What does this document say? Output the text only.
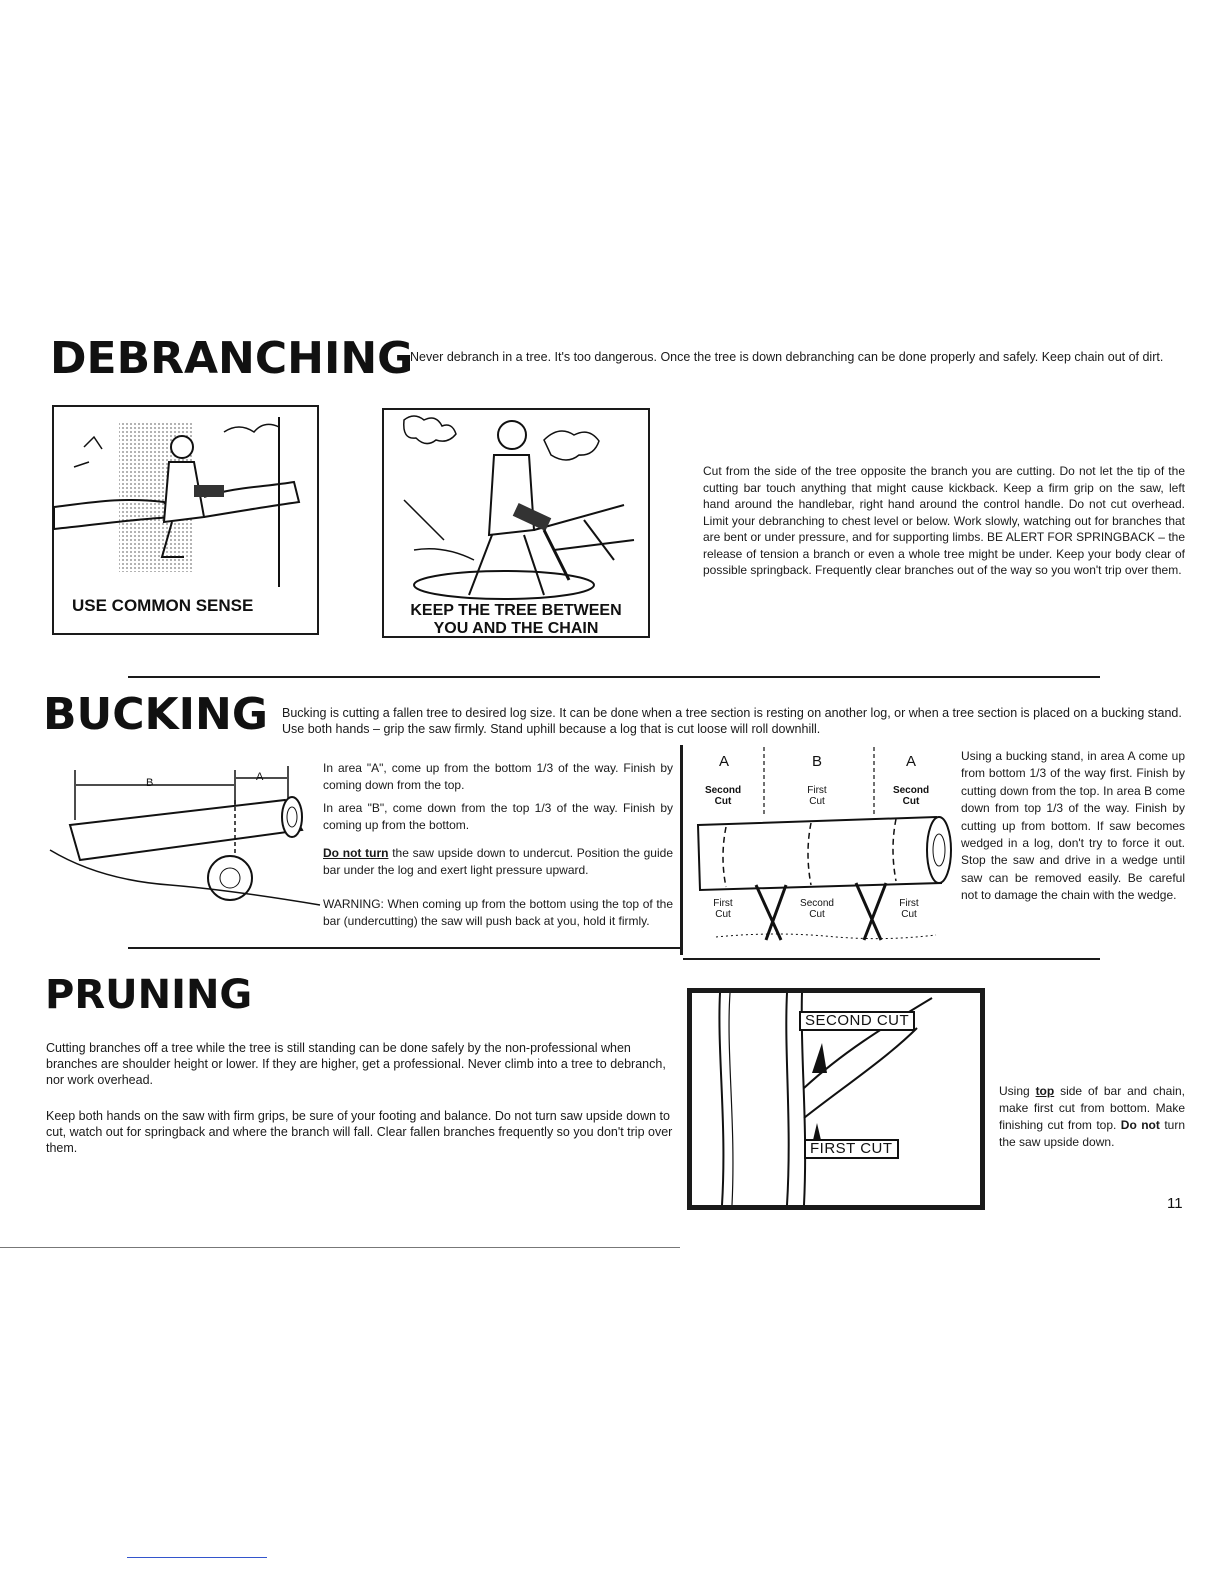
DEBRANCHING
Never debranch in a tree. It's too dangerous. Once the tree is down debranching can be done properly and safely. Keep chain out of dirt.
USE COMMON SENSE	KEEP THE TREE BETWEEN
YOU AND THE CHAIN
Cut from the side of the tree opposite the branch you are cutting. Do not let the tip of the cutting bar touch anything that might cause kickback. Keep a firm grip on the saw, left hand around the handlebar, right hand around the control handle. Do not cut overhead. Limit your debranching to chest level or below. Work slowly, watching out for branches that are bent or under pressure, and for supporting limbs. BE ALERT FOR SPRINGBACK – the release of tension a branch or even a whole tree might be under. Keep your body clear of possible springback. Frequently clear branches out of the way so you won't trip over them.
BUCKING Bucking is cutting a fallen tree to desired log size. It can be done when a tree section is resting on another log, or when a tree section is placed on a bucking stand. Use both hands – grip the saw firmly. Stand uphill because a log that is cut loose will roll downhill.
B	A
In area "A", come up from the bottom 1/3 of the way. Finish by coming down from the top.
In area "B", come down from the top 1/3 of the way. Finish by coming up from the bottom.
Do not turn the saw upside down to undercut. Position the guide bar under the log and exert light pressure upward.
WARNING: When coming up from the bottom using the top of the bar (undercutting) the saw will push back at you, hold it firmly.
A	B	A
Second
Cut
First
Cut
Second
Cut
First
Cut
Second
Cut
First
Cut
Using a bucking stand, in area A come up from bottom 1/3 of the way first. Finish by cutting down from the top. In area B come down from top 1/3 of the way. Finish by cutting up from bottom. If saw becomes wedged in a log, don't try to force it out. Stop the saw and drive in a wedge until saw can be removed easily. Be careful not to damage the chain with the wedge.
PRUNING
Cutting branches off a tree while the tree is still standing can be done safely by the non-professional when branches are shoulder height or lower. If they are higher, get a professional. Never climb into a tree to debranch, nor work overhead.
Keep both hands on the saw with firm grips, be sure of your footing and balance. Do not turn saw upside down to cut, watch out for springback and where the branch will fall. Clear fallen branches frequently so you don't trip over them.
SECOND CUT
FIRST CUT
Using top side of bar and chain, make first cut from bottom. Make finishing cut from top. Do not turn the saw upside down.
11
